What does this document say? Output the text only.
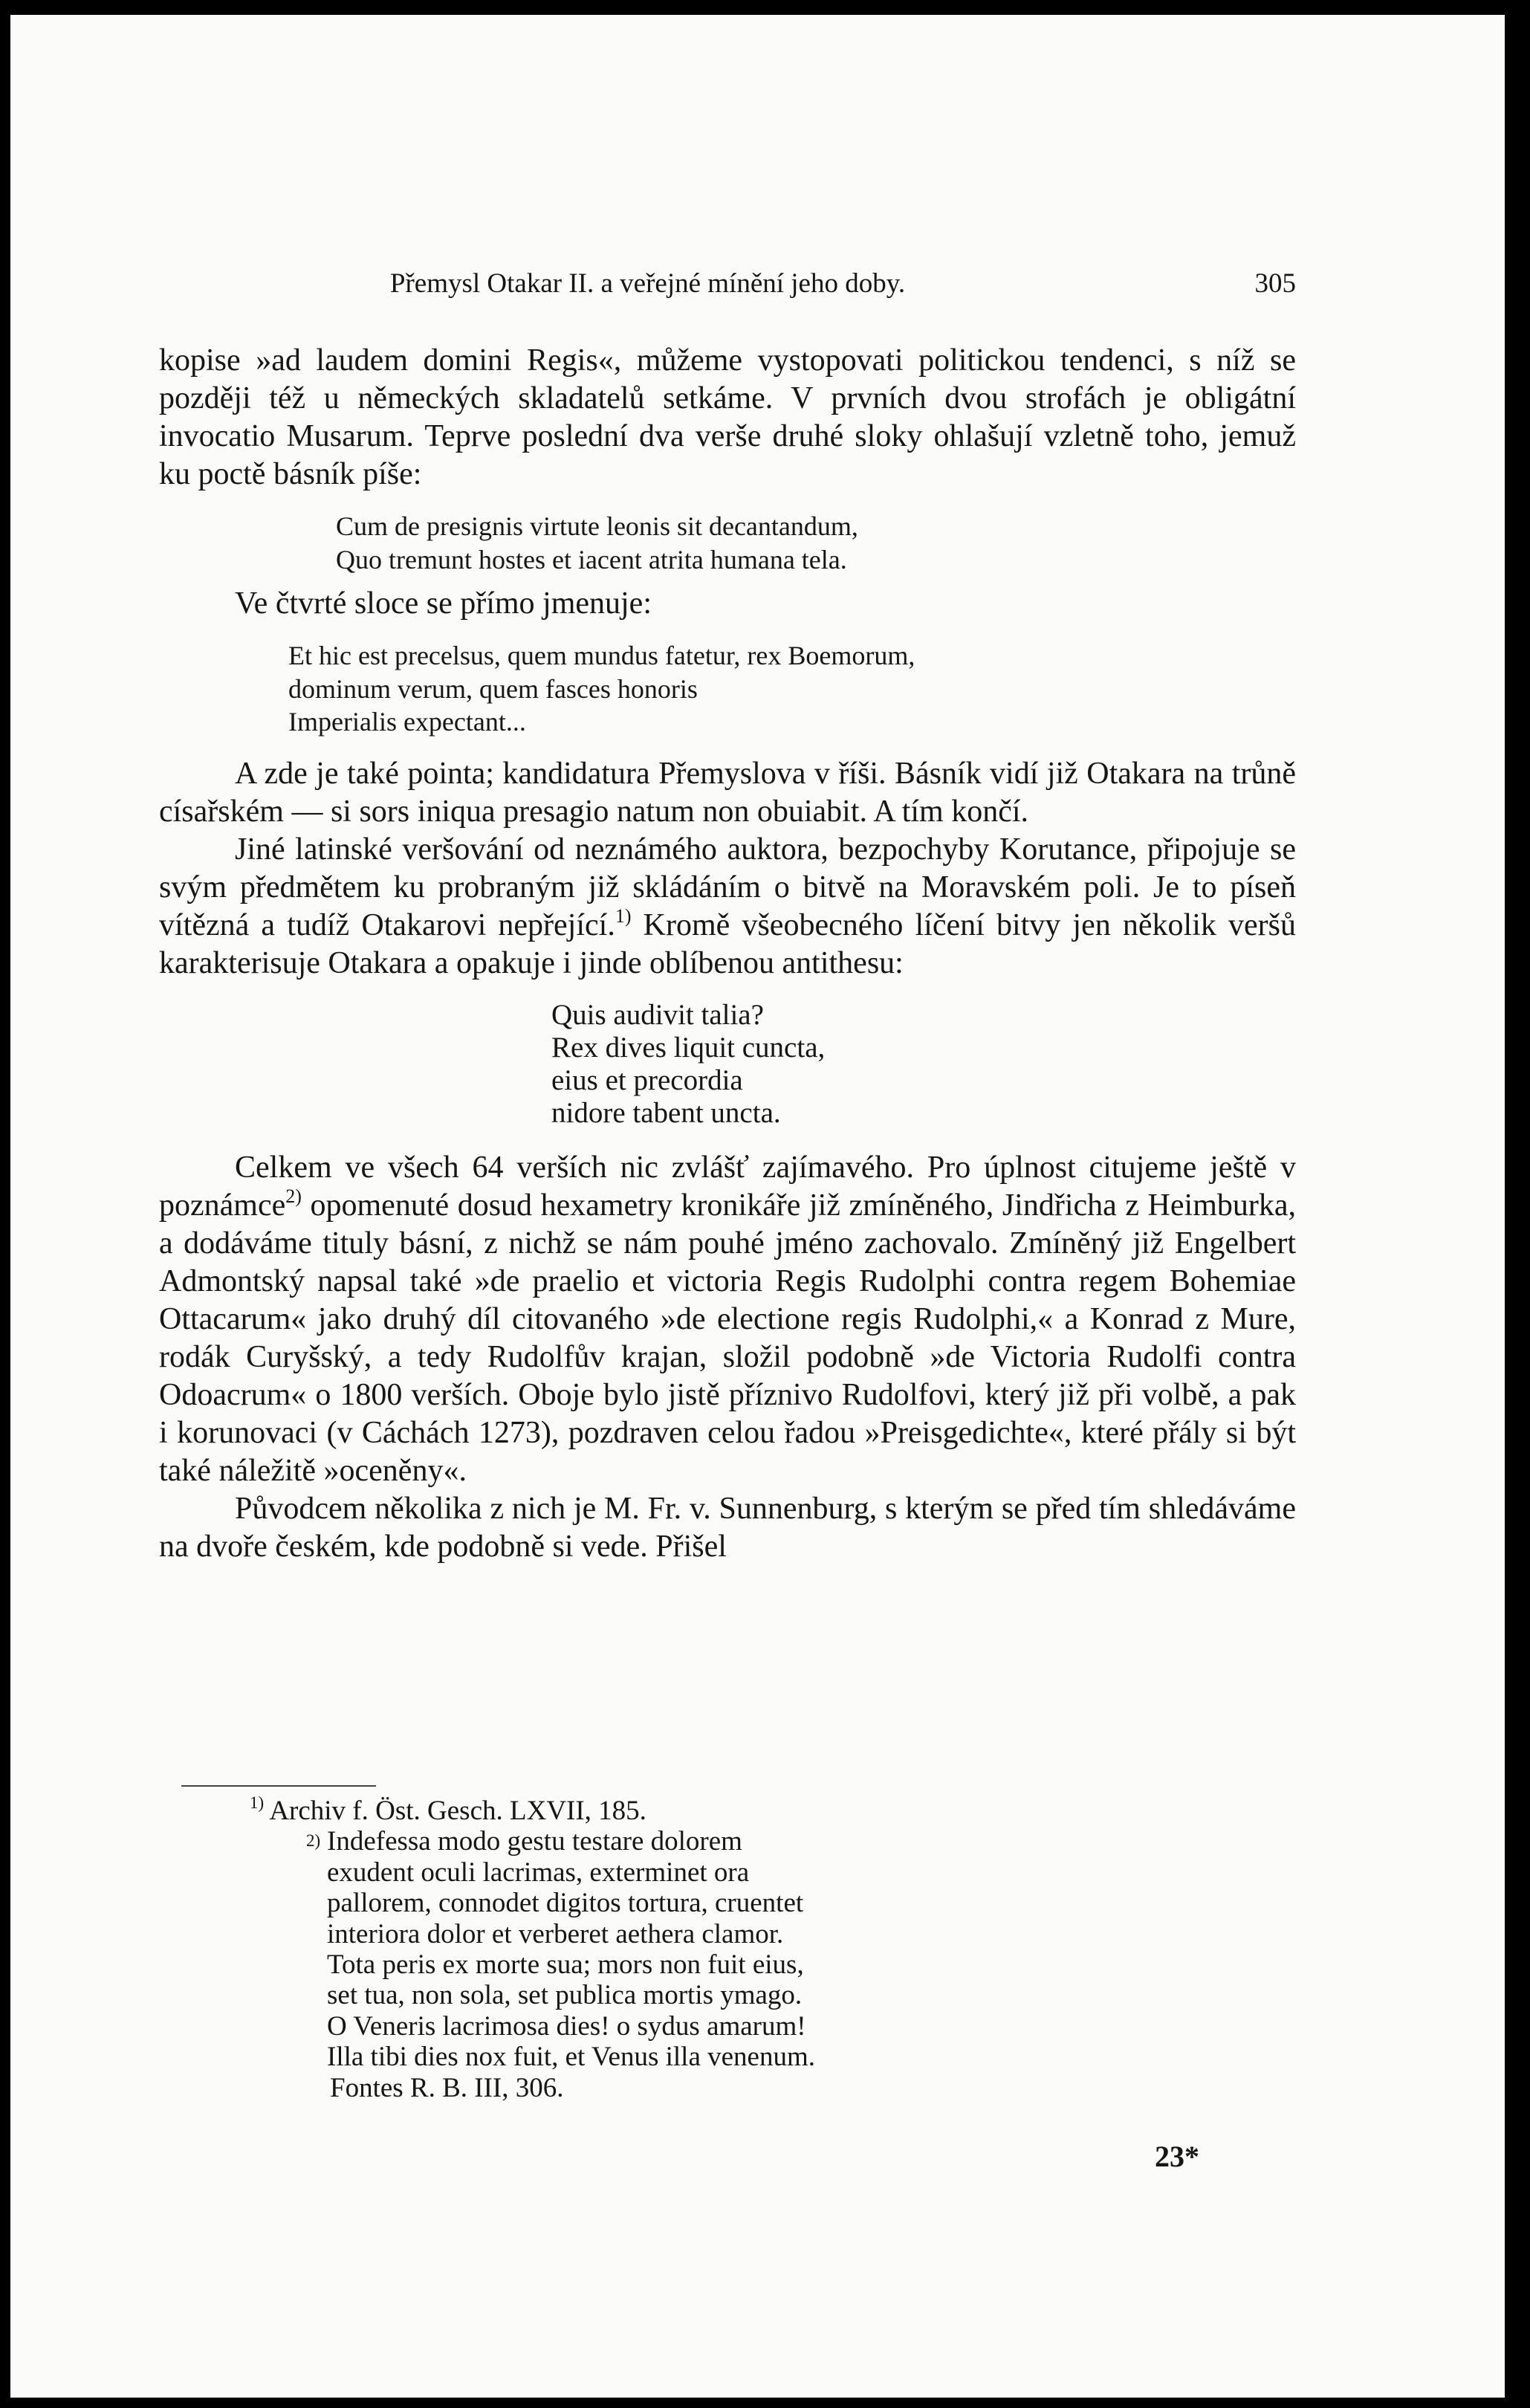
Přemysl Otakar II. a veřejné mínění jeho doby.	305

kopise »ad laudem domini Regis«, můžeme vystopovati politickou tendenci, s níž se později též u německých skladatelů setkáme. V prvních dvou strofách je obligátní invocatio Musarum. Teprve poslední dva verše druhé sloky ohlašují vzletně toho, jemuž ku poctě básník píše:

Cum de presignis virtute leonis sit decantandum,
Quo tremunt hostes et iacent atrita humana tela.

Ve čtvrté sloce se přímo jmenuje:

Et hic est precelsus, quem mundus fatetur, rex Boemorum,
dominum verum, quem fasces honoris
Imperialis expectant...

A zde je také pointa; kandidatura Přemyslova v říši. Básník vidí již Otakara na trůně císařském — si sors iniqua presagio natum non obuiabit. A tím končí.

Jiné latinské veršování od neznámého auktora, bezpochyby Korutance, připojuje se svým předmětem ku probraným již skládáním o bitvě na Moravském poli. Je to píseň vítězná a tudíž Otakarovi nepřející.$^{1)}$ Kromě všeobecného líčení bitvy jen několik veršů karakterisuje Otakara a opakuje i jinde oblíbenou antithesu:

Quis audivit talia?
Rex dives liquit cuncta,
eius et precordia
nidore tabent uncta.

Celkem ve všech 64 verších nic zvlášť zajímavého. Pro úplnost citujeme ještě v poznámce$^{2)}$ opomenuté dosud hexametry kronikáře již zmíněného, Jindřicha z Heimburka, a dodáváme tituly básní, z nichž se nám pouhé jméno zachovalo. Zmíněný již Engelbert Admontský napsal také »de praelio et victoria Regis Rudolphi contra regem Bohemiae Ottacarum« jako druhý díl citovaného »de electione regis Rudolphi,« a Konrad z Mure, rodák Curyšský, a tedy Rudolfův krajan, složil podobně »de Victoria Rudolfi contra Odoacrum« o 1800 verších. Oboje bylo jistě příznivo Rudolfovi, který již při volbě, a pak i korunovaci (v Cáchách 1273), pozdraven celou řadou »Preisgedichte«, které přály si být také náležitě »oceněny«.

Původcem několika z nich je M. Fr. v. Sunnenburg, s kterým se před tím shledáváme na dvoře českém, kde podobně si vede. Přišel

$^{1)}$ Archiv f. Öst. Gesch. LXVII, 185.
2) Indefessa modo gestu testare dolorem
exudent oculi lacrimas, exterminet ora
pallorem, connodet digitos tortura, cruentet
interiora dolor et verberet aethera clamor.
Tota peris ex morte sua; mors non fuit eius,
set tua, non sola, set publica mortis ymago.
O Veneris lacrimosa dies! o sydus amarum!
Illa tibi dies nox fuit, et Venus illa venenum.
Fontes R. B. III, 306.
23*
